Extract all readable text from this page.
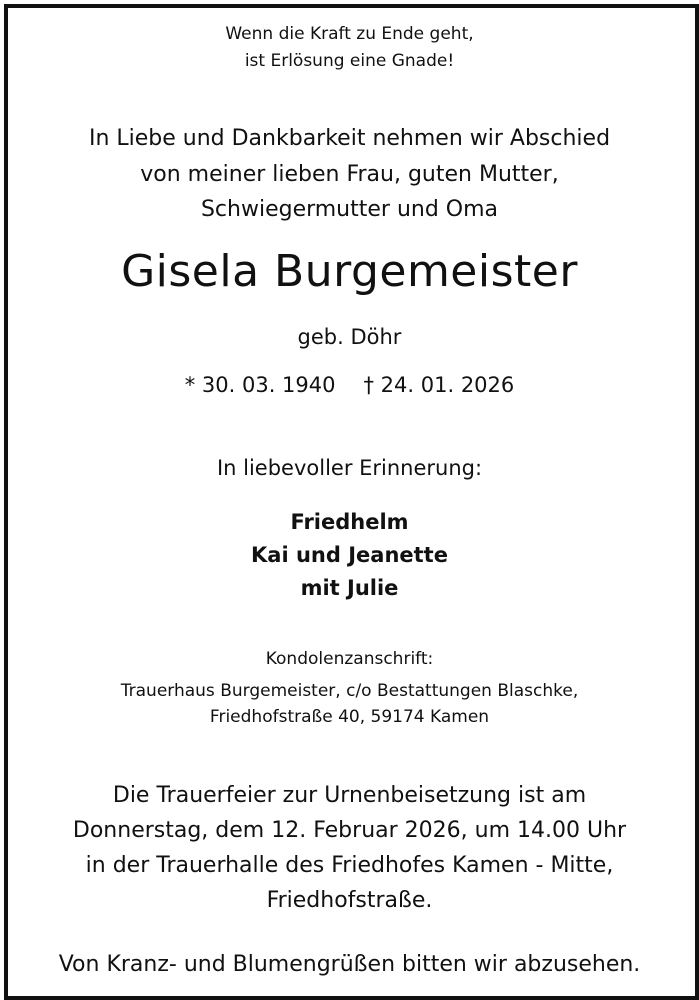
Wenn die Kraft zu Ende geht,
ist Erlösung eine Gnade!
In Liebe und Dankbarkeit nehmen wir Abschied
von meiner lieben Frau, guten Mutter,
Schwiegermutter und Oma
Gisela Burgemeister
geb. Döhr
* 30. 03. 1940 † 24. 01. 2026
In liebevoller Erinnerung:
Friedhelm
Kai und Jeanette
mit Julie
Kondolenzanschrift:
Trauerhaus Burgemeister, c/o Bestattungen Blaschke,
Friedhofstraße 40, 59174 Kamen
Die Trauerfeier zur Urnenbeisetzung ist am
Donnerstag, dem 12. Februar 2026, um 14.00 Uhr
in der Trauerhalle des Friedhofes Kamen - Mitte,
Friedhofstraße.
Von Kranz- und Blumengrüßen bitten wir abzusehen.
